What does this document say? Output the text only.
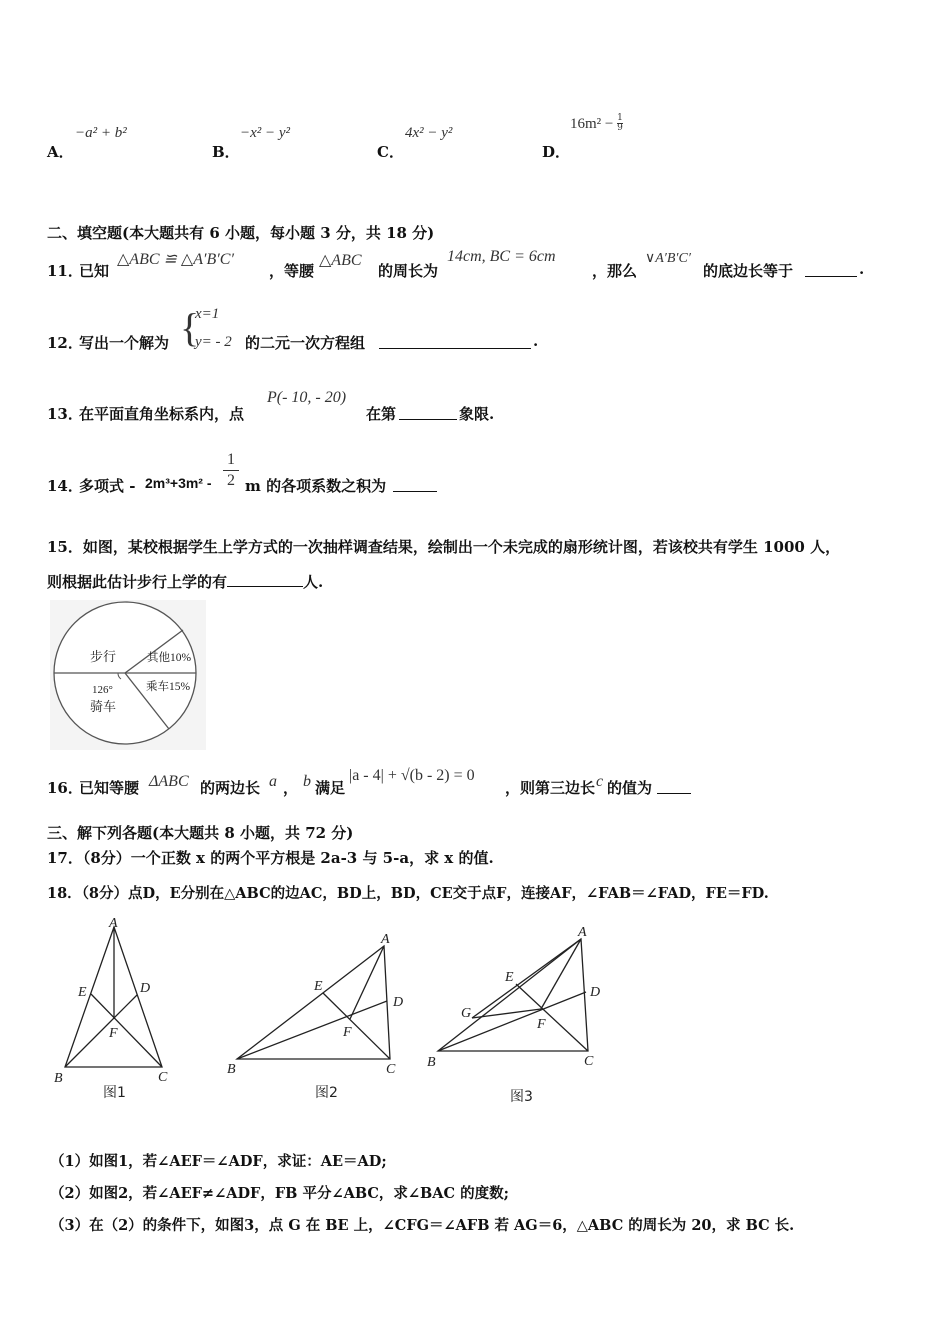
A．
−a² + b²
B．
−x² − y²
C．
4x² − y²
D．
$16m^2 - \frac{1}{9}$
二、填空题(本大题共有 6 小题，每小题 3 分，共 18 分)
11．
已知
△ABC ≌ △A′B′C′
，等腰
△ABC
的周长为
14cm, BC = 6cm
，那么
∨A′B′C′
的底边长等于	.
12．
写出一个解为 {
x=1
y= - 2 的二元一次方程组	.
13．
在平面直角坐标系内，点
P(- 10, - 20)
在第	象限.
14．
多项式 - 2m³+3m² -
1
2 m 的各项系数之积为
15．如图，某校根据学生上学方式的一次抽样调查结果，绘制出一个未完成的扇形统计图，若该校共有学生 1000 人，
则根据此估计步行上学的有	人.
步行	其他10%
乘车15%
126°
骑车
16．
已知等腰 ΔABC 的两边长 a ， b 满足
|a - 4| + √(b - 2) = 0
，则第三边长 c 的值为
三、解下列各题(本大题共 8 小题，共 72 分)
17．（8分）一个正数 x 的两个平方根是 2a-3 与 5-a，求 x 的值.
18．（8分）点D，E分别在△ABC的边AC，BD上，BD，CE交于点F，连接AF，∠FAB＝∠FAD，FE＝FD.
A
E	D
F
B	C
图1
A
E
D
F
B	C
图2
A
E
D
G
F
B	C
图3
（1）如图1，若∠AEF＝∠ADF，求证：AE＝AD;
（2）如图2，若∠AEF≠∠ADF，FB 平分∠ABC，求∠BAC 的度数;
（3）在（2）的条件下，如图3，点 G 在 BE 上，∠CFG＝∠AFB 若 AG＝6，△ABC 的周长为 20，求 BC 长.
